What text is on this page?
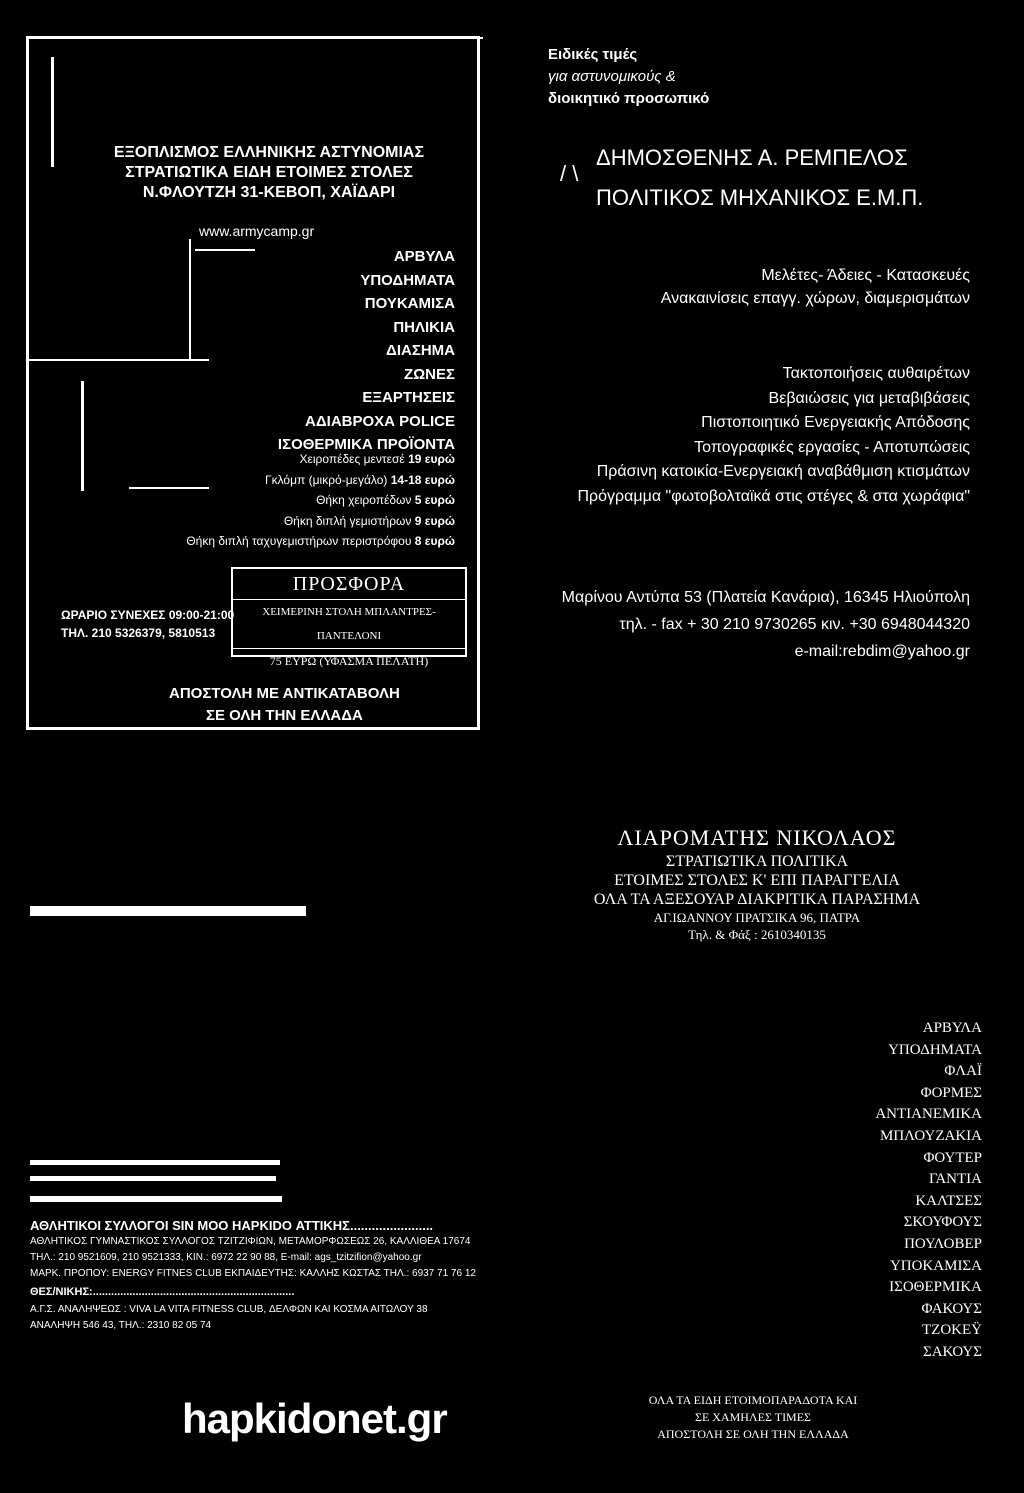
ΕΞΟΠΛΙΣΜΟΣ ΕΛΛΗΝΙΚΗΣ ΑΣΤΥΝΟΜΙΑΣ
ΣΤΡΑΤΙΩΤΙΚΑ ΕΙΔΗ ΕΤΟΙΜΕΣ ΣΤΟΛΕΣ
Ν.ΦΛΟΥΤΖΗ 31-ΚΕΒΟΠ, ΧΑΪΔΑΡΙ
www.armycamp.gr
ΑΡΒΥΛΑ
ΥΠΟΔΗΜΑΤΑ
ΠΟΥΚΑΜΙΣΑ
ΠΗΛΙΚΙΑ
ΔΙΑΣΗΜΑ
ΖΩΝΕΣ
ΕΞΑΡΤΗΣΕΙΣ
ΑΔΙΑΒΡΟΧΑ POLICE
ΙΣΟΘΕΡΜΙΚΑ ΠΡΟΪΟΝΤΑ
Χειροπέδες μεντεσέ 19 ευρώ
Γκλόμπ (μικρό-μεγάλο) 14-18 ευρώ
Θήκη χειροπέδων 5 ευρώ
Θήκη διπλή γεμιστήρων 9 ευρώ
Θήκη διπλή ταχυγεμιστήρων περιστρόφου 8 ευρώ
ΩΡΑΡΙΟ ΣΥΝΕΧΕΣ 09:00-21:00
ΤΗΛ. 210 5326379, 5810513
ΠΡΟΣΦΟΡΑ
ΧΕΙΜΕΡΙΝΗ ΣΤΟΛΗ ΜΠΛΑΝΤΡΕΣ-ΠΑΝΤΕΛΟΝΙ
75 ΕΥΡΩ (ΥΦΑΣΜΑ ΠΕΛΑΤΗ)
ΑΠΟΣΤΟΛΗ ΜΕ ΑΝΤΙΚΑΤΑΒΟΛΗ
ΣΕ ΟΛΗ ΤΗΝ ΕΛΛΑΔΑ
Ειδικές τιμές
για αστυνομικούς &
διοικητικό προσωπικό
/ \
ΔΗΜΟΣΘΕΝΗΣ Α. ΡΕΜΠΕΛΟΣ
ΠΟΛΙΤΙΚΟΣ ΜΗΧΑΝΙΚΟΣ Ε.Μ.Π.
Μελέτες- Άδειες - Κατασκευές
Ανακαινίσεις επαγγ. χώρων, διαμερισμάτων
Τακτοποιήσεις αυθαιρέτων
Βεβαιώσεις για μεταβιβάσεις
Πιστοποιητικό Ενεργειακής Απόδοσης
Τοπογραφικές εργασίες - Αποτυπώσεις
Πράσινη κατοικία-Ενεργειακή αναβάθμιση κτισμάτων
Πρόγραμμα "φωτοβολταϊκά στις στέγες & στα χωράφια"
Μαρίνου Αντύπα 53 (Πλατεία Κανάρια), 16345 Ηλιούπολη
τηλ. - fax + 30 210 9730265 κιν. +30 6948044320
e-mail:rebdim@yahoo.gr
ΛΙΑΡΟΜΑΤΗΣ ΝΙΚΟΛΑΟΣ
ΣΤΡΑΤΙΩΤΙΚΑ ΠΟΛΙΤΙΚΑ
ΕΤΟΙΜΕΣ ΣΤΟΛΕΣ Κ' ΕΠΙ ΠΑΡΑΓΓΕΛΙΑ
ΟΛΑ ΤΑ ΑΞΕΣΟΥΑΡ ΔΙΑΚΡΙΤΙΚΑ ΠΑΡΑΣΗΜΑ
ΑΓ.ΙΩΑΝΝΟΥ ΠΡΑΤΣΙΚΑ 96, ΠΑΤΡΑ
Τηλ. & Φάξ : 2610340135
ΑΡΒΥΛΑ
ΥΠΟΔΗΜΑΤΑ
ΦΛΑΪ
ΦΟΡΜΕΣ
ΑΝΤΙΑΝΕΜΙΚΑ
ΜΠΛΟΥΖΑΚΙΑ
ΦΟΥΤΕΡ
ΓΑΝΤΙΑ
ΚΑΛΤΣΕΣ
ΣΚΟΥΦΟΥΣ
ΠΟΥΛΟΒΕΡ
ΥΠΟΚΑΜΙΣΑ
ΙΣΟΘΕΡΜΙΚΑ
ΦΑΚΟΥΣ
ΤΖΟΚΕΫ
ΣΑΚΟΥΣ
ΟΛΑ ΤΑ ΕΙΔΗ ΕΤΟΙΜΟΠΑΡΑΔΟΤΑ ΚΑΙ
ΣΕ ΧΑΜΗΛΕΣ ΤΙΜΕΣ
ΑΠΟΣΤΟΛΗ ΣΕ ΟΛΗ ΤΗΝ ΕΛΛΑΔΑ
ΑΘΛΗΤΙΚΟΙ ΣΥΛΛΟΓΟΙ SIN MOO HAPKIDO ΑΤΤΙΚΗΣ.......................
ΑΘΛΗΤΙΚΟΣ ΓΥΜΝΑΣΤΙΚΟΣ ΣΥΛΛΟΓΟΣ ΤΖΙΤΖΙΦΙΩΝ, ΜΕΤΑΜΟΡΦΩΣΕΩΣ 26, ΚΑΛΛΙΘΕΑ 17674
ΤΗΛ.: 210 9521609, 210 9521333, ΚΙΝ.: 6972 22 90 88, E-mail: ags_tzitzifion@yahoo.gr
ΜΑΡΚ. ΠΡΟΠΟΥ: ENERGY FITNES CLUB ΕΚΠΑΙΔΕΥΤΗΣ: ΚΑΛΛΗΣ ΚΩΣΤΑΣ ΤΗΛ.: 6937 71 76 12
ΘΕΣ/ΝΙΚΗΣ:..................................................................
Α.Γ.Σ. ΑΝΑΛΗΨΕΩΣ : VIVA LA VITA FITNESS CLUB, ΔΕΛΦΩΝ ΚΑΙ ΚΟΣΜΑ ΑΙΤΩΛΟΥ 38
ΑΝΑΛΗΨΗ 546 43, ΤΗΛ.: 2310 82 05 74
hapkidonet.gr
